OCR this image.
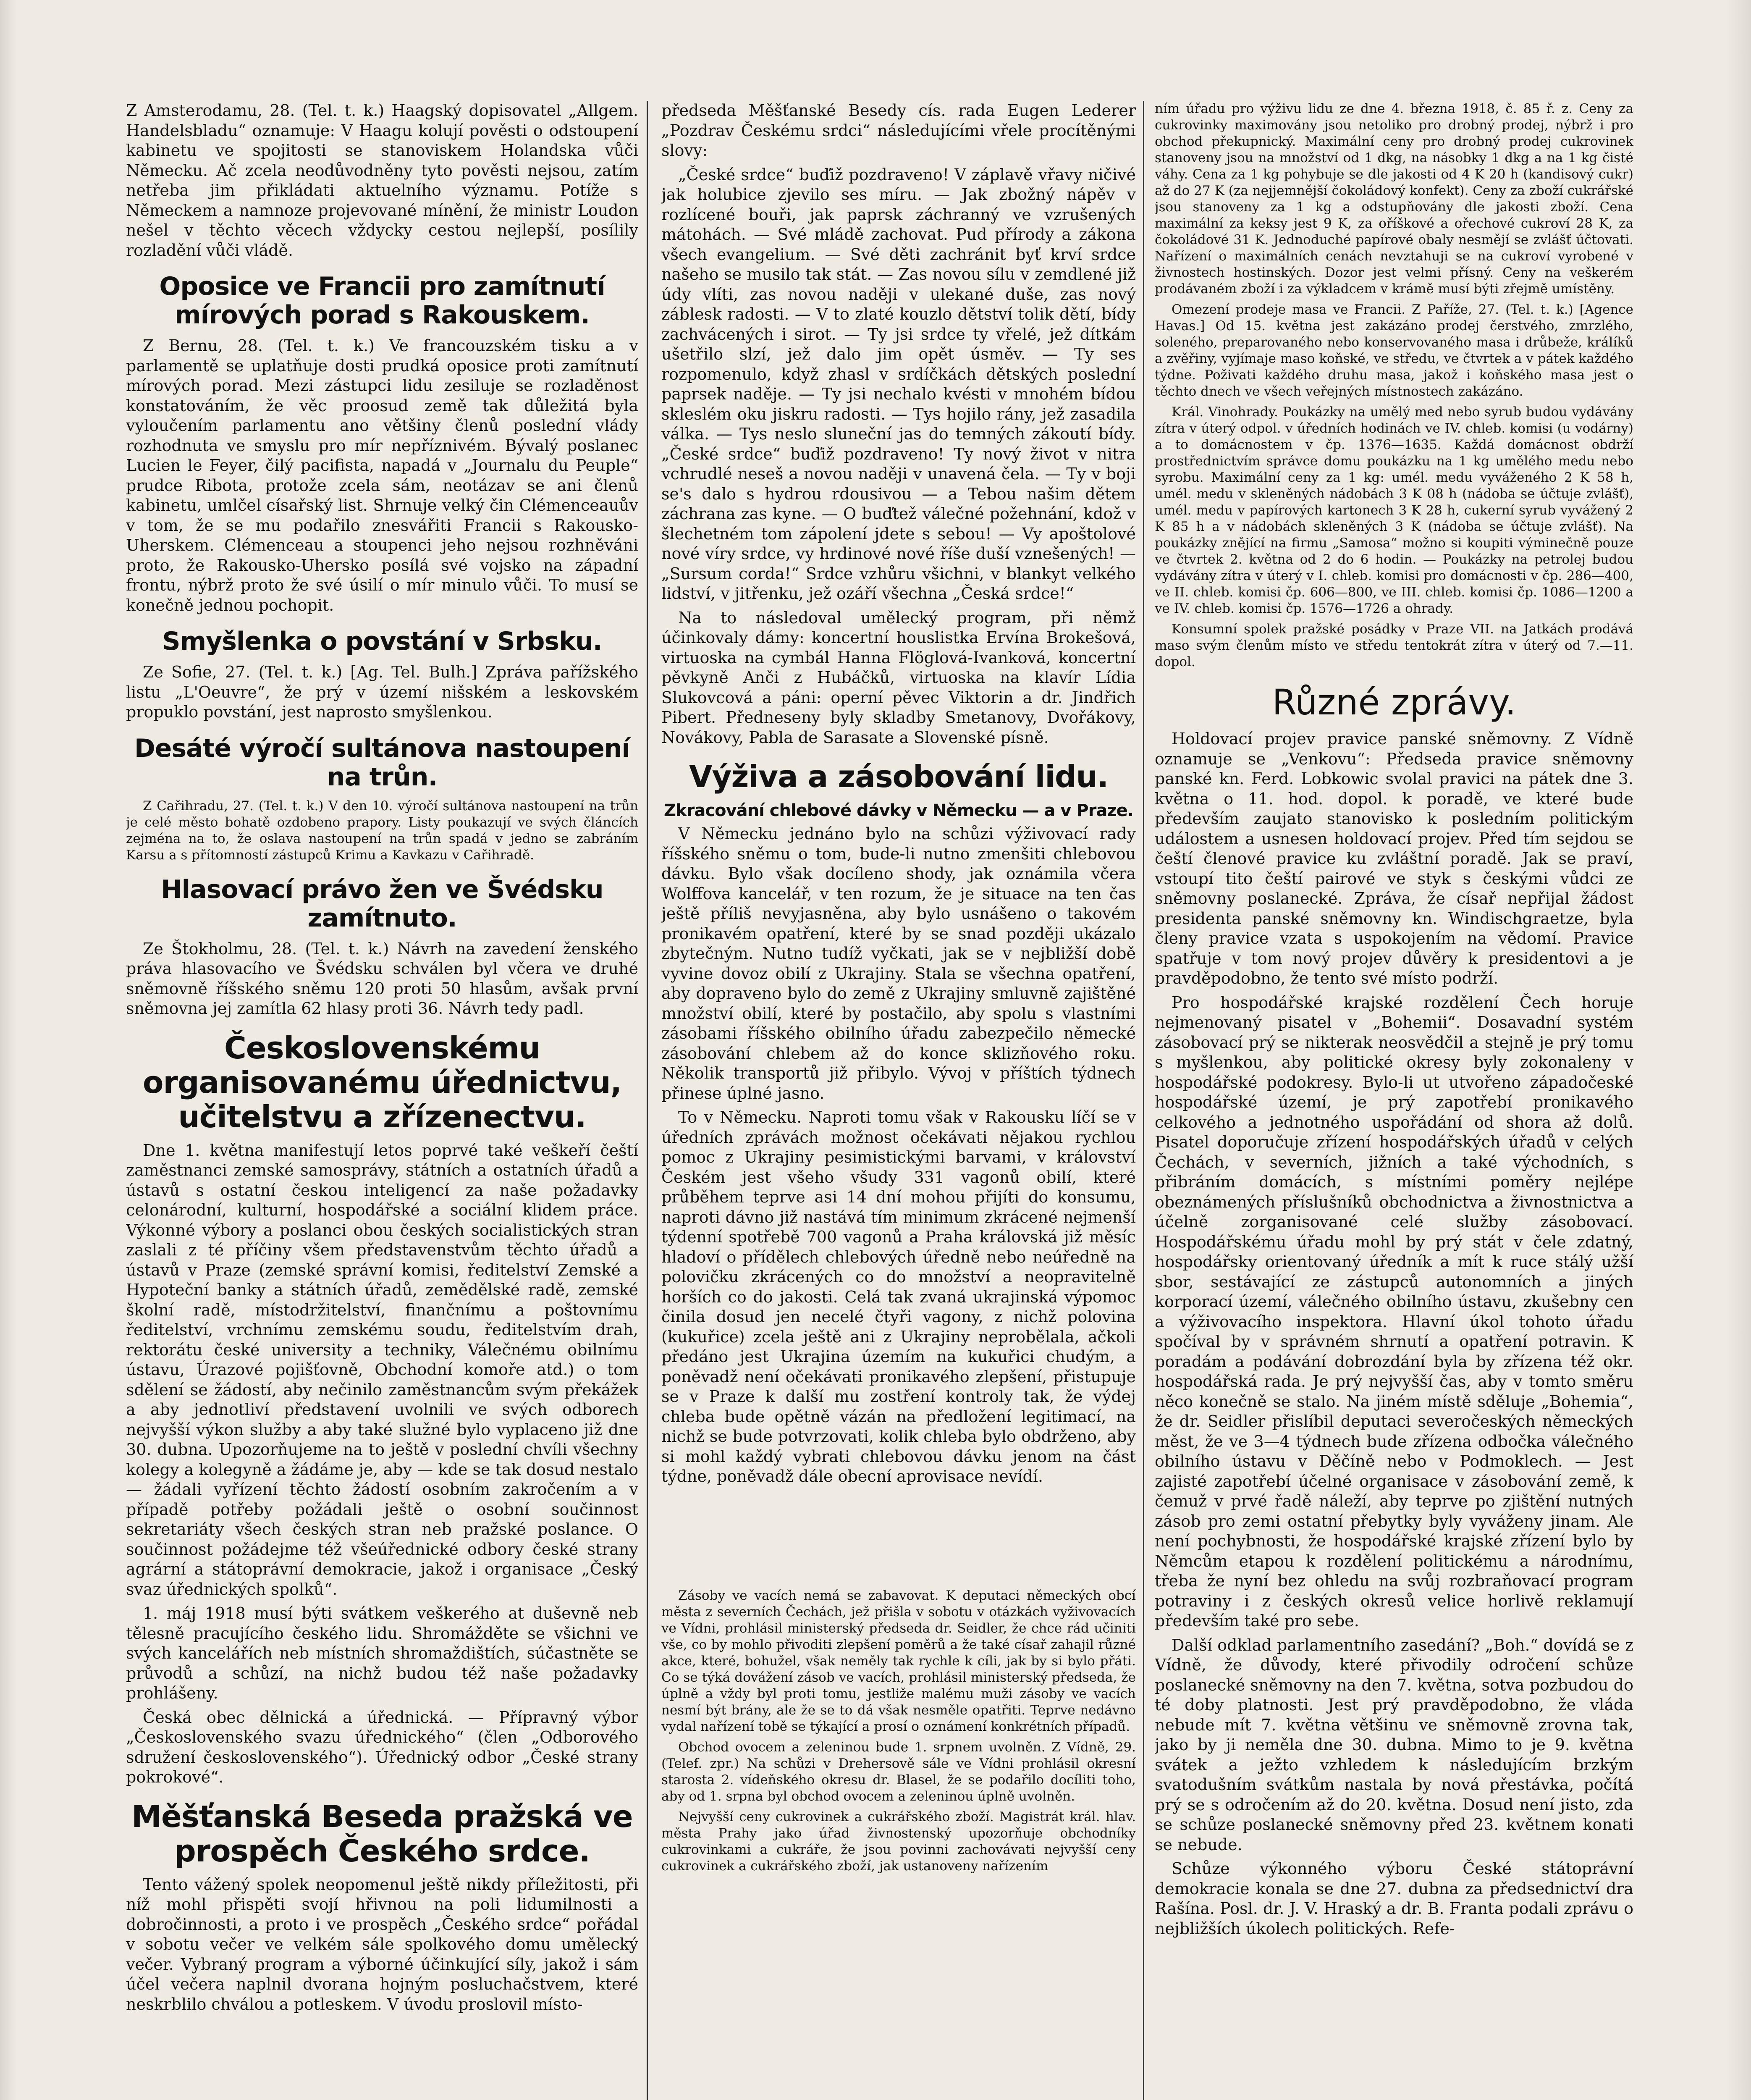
Z Amsterodamu, 28. (Tel. t. k.) Haagský dopisovatel „Allgem. Handelsbladu“ oznamuje: V Haagu kolují pověsti o odstoupení kabinetu ve spojitosti se stanoviskem Holandska vůči Německu. Ač zcela neodůvodněny tyto pověsti nejsou, zatím netřeba jim přikládati aktuelního významu. Potíže s Německem a namnoze projevované mínění, že ministr Loudon nešel v těchto věcech vždycky cestou nejlepší, posílily rozladění vůči vládě.

Oposice ve Francii pro zamítnutí mírových porad s Rakouskem.

Z Bernu, 28. (Tel. t. k.) Ve francouzském tisku a v parlamentě se uplatňuje dosti prudká oposice proti zamítnutí mírových porad. Mezi zástupci lidu zesiluje se rozladěnost konstatováním, že věc proosud země tak důležitá byla vyloučením parlamentu ano většiny členů poslední vlády rozhodnuta ve smyslu pro mír nepříznivém. Bývalý poslanec Lucien le Feyer, čilý pacifista, napadá v „Journalu du Peuple“ prudce Ribota, protože zcela sám, neotázav se ani členů kabinetu, umlčel císařský list. Shrnuje velký čin Clémenceauův v tom, že se mu podařilo znesvářiti Francii s Rakousko-Uherskem. Clémenceau a stoupenci jeho nejsou rozhněváni proto, že Rakousko-Uhersko posílá své vojsko na západní frontu, nýbrž proto že své úsilí o mír minulo vůči. To musí se konečně jednou pochopit.

Smyšlenka o povstání v Srbsku.

Ze Sofie, 27. (Tel. t. k.) [Ag. Tel. Bulh.] Zpráva pařížského listu „L'Oeuvre“, že prý v území nišském a leskovském propuklo povstání, jest naprosto smyšlenkou.

Desáté výročí sultánova nastoupení na trůn.

Z Cařihradu, 27. (Tel. t. k.) V den 10. výročí sultánova nastoupení na trůn je celé město bohatě ozdobeno prapory. Listy poukazují ve svých článcích zejména na to, že oslava nastoupení na trůn spadá v jedno se zabráním Karsu a s přítomností zástupců Krimu a Kavkazu v Cařihradě.

Hlasovací právo žen ve Švédsku zamítnuto.

Ze Štokholmu, 28. (Tel. t. k.) Návrh na zavedení ženského práva hlasovacího ve Švédsku schválen byl včera ve druhé sněmovně říšského sněmu 120 proti 50 hlasům, avšak první sněmovna jej zamítla 62 hlasy proti 36. Návrh tedy padl.

Československému organisovanému úřednictvu, učitelstvu a zřízenectvu.

Dne 1. května manifestují letos poprvé také veškeří čeští zaměstnanci zemské samosprávy, státních a ostatních úřadů a ústavů s ostatní českou inteligencí za naše požadavky celonárodní, kulturní, hospodářské a sociální klidem práce. Výkonné výbory a poslanci obou českých socialistických stran zaslali z té příčiny všem představenstvům těchto úřadů a ústavů v Praze (zemské správní komisi, ředitelství Zemské a Hypoteční banky a státních úřadů, zemědělské radě, zemské školní radě, místodržitelství, finančnímu a poštovnímu ředitelství, vrchnímu zemskému soudu, ředitelstvím drah, rektorátu české university a techniky, Válečnému obilnímu ústavu, Úrazové pojišťovně, Obchodní komoře atd.) o tom sdělení se žádostí, aby nečinilo zaměstnancům svým překážek a aby jednotliví představení uvolnili ve svých odborech nejvyšší výkon služby a aby také služné bylo vyplaceno již dne 30. dubna. Upozorňujeme na to ještě v poslední chvíli všechny kolegy a kolegyně a žádáme je, aby — kde se tak dosud nestalo — žádali vyřízení těchto žádostí osobním zakročením a v případě potřeby požádali ještě o osobní součinnost sekretariáty všech českých stran neb pražské poslance. O součinnost požádejme též všeúřednické odbory české strany agrární a státoprávní demokracie, jakož i organisace „Český svaz úřednických spolků“.

1. máj 1918 musí býti svátkem veškerého at duševně neb tělesně pracujícího českého lidu. Shromážděte se všichni ve svých kancelářích neb místních shromaždištích, súčastněte se průvodů a schůzí, na nichž budou též naše požadavky prohlášeny.

Česká obec dělnická a úřednická. — Přípravný výbor „Československého svazu úřednického“ (člen „Odborového sdružení československého“). Úřednický odbor „České strany pokrokové“.

Měšťanská Beseda pražská ve prospěch Českého srdce.

Tento vážený spolek neopomenul ještě nikdy příležitosti, při níž mohl přispěti svojí hřivnou na poli lidumilnosti a dobročinnosti, a proto i ve prospěch „Českého srdce“ pořádal v sobotu večer ve velkém sále spolkového domu umělecký večer. Vybraný program a výborné účinkující síly, jakož i sám účel večera naplnil dvorana hojným posluchačstvem, které neskrblilo chválou a potleskem. V úvodu proslovil místo-

předseda Měšťanské Besedy cís. rada Eugen Lederer „Pozdrav Českému srdci“ následujícími vřele procítěnými slovy:

„České srdce“ buďiž pozdraveno! V záplavě vřavy ničivé jak holubice zjevilo ses míru. — Jak zbožný nápěv v rozlícené bouři, jak paprsk záchranný ve vzrušených mátohách. — Své mládě zachovat. Pud přírody a zákona všech evangelium. — Své děti zachránit byť krví srdce našeho se musilo tak stát. — Zas novou sílu v zemdlené již údy vlíti, zas novou naději v ulekané duše, zas nový záblesk radosti. — V to zlaté kouzlo dětství tolik dětí, bídy zachvácených i sirot. — Ty jsi srdce ty vřelé, jež dítkám ušetřilo slzí, jež dalo jim opět úsměv. — Ty ses rozpomenulo, když zhasl v srdíčkách dětských poslední paprsek naděje. — Ty jsi nechalo kvésti v mnohém bídou skleslém oku jiskru radosti. — Tys hojilo rány, jež zasadila válka. — Tys neslo sluneční jas do temných zákoutí bídy. „České srdce“ buďiž pozdraveno! Ty nový život v nitra vchrudlé neseš a novou naději v unavená čela. — Ty v boji se's dalo s hydrou rdousivou — a Tebou našim dětem záchrana zas kyne. — O buďtež válečné požehnání, kdož v šlechetném tom zápolení jdete s sebou! — Vy apoštolové nové víry srdce, vy hrdinové nové říše duší vznešených! — „Sursum corda!“ Srdce vzhůru všichni, v blankyt velkého lidství, v jitřenku, jež ozáří všechna „Česká srdce!“

Na to následoval umělecký program, při němž účinkovaly dámy: koncertní houslistka Ervína Brokešová, virtuoska na cymbál Hanna Flöglová-Ivanková, koncertní pěvkyně Anči z Hubáčků, virtuoska na klavír Lídia Slukovcová a páni: operní pěvec Viktorin a dr. Jindřich Pibert. Předneseny byly skladby Smetanovy, Dvořákovy, Novákovy, Pabla de Sarasate a Slovenské písně.

Výživa a zásobování lidu.
Zkracování chlebové dávky v Německu — a v Praze.

V Německu jednáno bylo na schůzi výživovací rady říšského sněmu o tom, bude-li nutno zmenšiti chlebovou dávku. Bylo však docíleno shody, jak oznámila včera Wolffova kancelář, v ten rozum, že je situace na ten čas ještě příliš nevyjasněna, aby bylo usnášeno o takovém pronikavém opatření, které by se snad později ukázalo zbytečným. Nutno tudíž vyčkati, jak se v nejbližší době vyvine dovoz obilí z Ukrajiny. Stala se všechna opatření, aby dopraveno bylo do země z Ukrajiny smluvně zajištěné množství obilí, které by postačilo, aby spolu s vlastními zásobami říšského obilního úřadu zabezpečilo německé zásobování chlebem až do konce sklizňového roku. Několik transportů již přibylo. Vývoj v příštích týdnech přinese úplné jasno.

To v Německu. Naproti tomu však v Rakousku líčí se v úředních zprávách možnost očekávati nějakou rychlou pomoc z Ukrajiny pesimistickými barvami, v království Českém jest všeho všudy 331 vagonů obilí, které průběhem teprve asi 14 dní mohou přijíti do konsumu, naproti dávno již nastává tím minimum zkrácené nejmenší týdenní spotřebě 700 vagonů a Praha královská již měsíc hladoví o přídělech chlebových úředně nebo neúředně na polovičku zkrácených co do množství a neopravitelně horších co do jakosti. Celá tak zvaná ukrajinská výpomoc činila dosud jen necelé čtyři vagony, z nichž polovina (kukuřice) zcela ještě ani z Ukrajiny neprobělala, ačkoli předáno jest Ukrajina územím na kukuřici chudým, a poněvadž není očekávati pronikavého zlepšení, přistupuje se v Praze k další mu zostření kontroly tak, že výdej chleba bude opětně vázán na předložení legitimací, na nichž se bude potvrzovati, kolik chleba bylo obdrženo, aby si mohl každý vybrati chlebovou dávku jenom na část týdne, poněvadž dále obecní aprovisace nevídí.

Zásoby ve vacích nemá se zabavovat. K deputaci německých obcí města z severních Čechách, jež přišla v sobotu v otázkách vyživovacích ve Vídni, prohlásil ministerský předseda dr. Seidler, že chce rád učiniti vše, co by mohlo přivoditi zlepšení poměrů a že také císař zahajil různé akce, které, bohužel, však neměly tak rychle k cíli, jak by si bylo přáti. Co se týká dovážení zásob ve vacích, prohlásil ministerský předseda, že úplně a vždy byl proti tomu, jestliže malému muži zásoby ve vacích nesmí být brány, ale že se to dá však nesměle opatřiti. Teprve nedávno vydal nařízení tobě se týkající a prosí o oznámení konkrétních případů.

Obchod ovocem a zeleninou bude 1. srpnem uvolněn. Z Vídně, 29. (Telef. zpr.) Na schůzi v Drehersově sále ve Vídni prohlásil okresní starosta 2. vídeňského okresu dr. Blasel, že se podařilo docíliti toho, aby od 1. srpna byl obchod ovocem a zeleninou úplně uvolněn.

Nejvyšší ceny cukrovinek a cukrářského zboží. Magistrát král. hlav. města Prahy jako úřad živnostenský upozorňuje obchodníky cukrovinkami a cukráře, že jsou povinni zachovávati nejvyšší ceny cukrovinek a cukrářského zboží, jak ustanoveny nařízením

ním úřadu pro výživu lidu ze dne 4. března 1918, č. 85 ř. z. Ceny za cukrovinky maximovány jsou netoliko pro drobný prodej, nýbrž i pro obchod překupnický. Maximální ceny pro drobný prodej cukrovinek stanoveny jsou na množství od 1 dkg, na násobky 1 dkg a na 1 kg čisté váhy. Cena za 1 kg pohybuje se dle jakosti od 4 K 20 h (kandisový cukr) až do 27 K (za nejjemnější čokoládový konfekt). Ceny za zboží cukrářské jsou stanoveny za 1 kg a odstupňovány dle jakosti zboží. Cena maximální za keksy jest 9 K, za oříškové a ořechové cukroví 28 K, za čokoládové 31 K. Jednoduché papírové obaly nesmějí se zvlášť účtovati. Nařízení o maximálních cenách nevztahuji se na cukroví vyrobené v živnostech hostinských. Dozor jest velmi přísný. Ceny na veškerém prodávaném zboží i za výkladcem v krámě musí býti zřejmě umístěny.

Omezení prodeje masa ve Francii. Z Paříže, 27. (Tel. t. k.) [Agence Havas.] Od 15. května jest zakázáno prodej čerstvého, zmrzlého, soleného, preparovaného nebo konservovaného masa i drůbeže, králíků a zvěřiny, vyjímaje maso koňské, ve středu, ve čtvrtek a v pátek každého týdne. Poživati každého druhu masa, jakož i koňského masa jest o těchto dnech ve všech veřejných místnostech zakázáno.

Král. Vinohrady. Poukázky na umělý med nebo syrub budou vydávány zítra v úterý odpol. v úředních hodinách ve IV. chleb. komisi (u vodárny) a to domácnostem v čp. 1376—1635. Každá domácnost obdrží prostřednictvím správce domu poukázku na 1 kg umělého medu nebo syrobu. Maximální ceny za 1 kg: umél. medu vyváženého 2 K 58 h, umél. medu v skleněných nádobách 3 K 08 h (nádoba se účtuje zvlášť), umél. medu v papírových kartonech 3 K 28 h, cukerní syrub vyvážený 2 K 85 h a v nádobách skleněných 3 K (nádoba se účtuje zvlášť). Na poukázky znějící na firmu „Samosa“ možno si koupiti výminečně pouze ve čtvrtek 2. května od 2 do 6 hodin. — Poukázky na petrolej budou vydávány zítra v úterý v I. chleb. komisi pro domácnosti v čp. 286—400, ve II. chleb. komisi čp. 606—800, ve III. chleb. komisi čp. 1086—1200 a ve IV. chleb. komisi čp. 1576—1726 a ohrady.

Konsumní spolek pražské posádky v Praze VII. na Jatkách prodává maso svým členům místo ve středu tentokrát zítra v úterý od 7.—11. dopol.

Různé zprávy.

Holdovací projev pravice panské sněmovny. Z Vídně oznamuje se „Venkovu“: Předseda pravice sněmovny panské kn. Ferd. Lobkowic svolal pravici na pátek dne 3. května o 11. hod. dopol. k poradě, ve které bude především zaujato stanovisko k posledním politickým událostem a usnesen holdovací projev. Před tím sejdou se čeští členové pravice ku zvláštní poradě. Jak se praví, vstoupí tito čeští pairové ve styk s českými vůdci ze sněmovny poslanecké. Zpráva, že císař nepřijal žádost presidenta panské sněmovny kn. Windischgraetze, byla členy pravice vzata s uspokojením na vědomí. Pravice spatřuje v tom nový projev důvěry k presidentovi a je pravděpodobno, že tento své místo podrží.

Pro hospodářské krajské rozdělení Čech horuje nejmenovaný pisatel v „Bohemii“. Dosavadní systém zásobovací prý se nikterak neosvědčil a stejně je prý tomu s myšlenkou, aby politické okresy byly zokonaleny v hospodářské podokresy. Bylo-li ut utvořeno západočeské hospodářské území, je prý zapotřebí pronikavého celkového a jednotného uspořádání od shora až dolů. Pisatel doporučuje zřízení hospodářských úřadů v celých Čechách, v severních, jižních a také východních, s přibráním domácích, s místními poměry nejlépe obeznámených příslušníků obchodnictva a živnostnictva a účelně zorganisované celé služby zásobovací. Hospodářskému úřadu mohl by prý stát v čele zdatný, hospodářsky orientovaný úředník a mít k ruce stálý užší sbor, sestávající ze zástupců autonomních a jiných korporací území, válečného obilního ústavu, zkušebny cen a výživovacího inspektora. Hlavní úkol tohoto úřadu spočíval by v správném shrnutí a opatření potravin. K poradám a podávání dobrozdání byla by zřízena též okr. hospodářská rada. Je prý nejvyšší čas, aby v tomto směru něco konečně se stalo. Na jiném místě sděluje „Bohemia“, že dr. Seidler přislíbil deputaci severočeských německých měst, že ve 3—4 týdnech bude zřízena odbočka válečného obilního ústavu v Děčíně nebo v Podmoklech. — Jest zajisté zapotřebí účelné organisace v zásobování země, k čemuž v prvé řadě náleží, aby teprve po zjištění nutných zásob pro zemi ostatní přebytky byly vyváženy jinam. Ale není pochybnosti, že hospodářské krajské zřízení bylo by Němcům etapou k rozdělení politickému a národnímu, třeba že nyní bez ohledu na svůj rozbraňovací program potraviny i z českých okresů velice horlivě reklamují především také pro sebe.

Další odklad parlamentního zasedání? „Boh.“ dovídá se z Vídně, že důvody, které přivodily odročení schůze poslanecké sněmovny na den 7. května, sotva pozbudou do té doby platnosti. Jest prý pravděpodobno, že vláda nebude mít 7. května většinu ve sněmovně zrovna tak, jako by ji neměla dne 30. dubna. Mimo to je 9. května svátek a ježto vzhledem k následujícím brzkým svatodušním svátkům nastala by nová přestávka, počítá prý se s odročením až do 20. května. Dosud není jisto, zda se schůze poslanecké sněmovny před 23. květnem konati se nebude.

Schůze výkonného výboru České státoprávní demokracie konala se dne 27. dubna za předsednictví dra Rašína. Posl. dr. J. V. Hraský a dr. B. Franta podali zprávu o nejbližších úkolech politických. Refe-
